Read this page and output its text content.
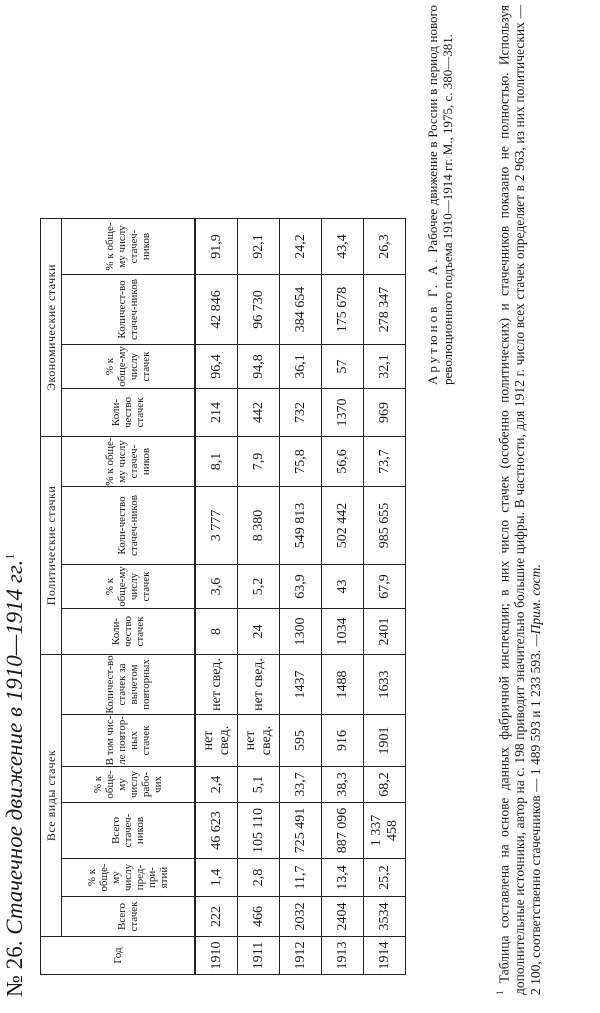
№ 26. Стачечное движение в 1910—1914 гг.$^1$
Год	Все виды стачек						Политические стачки				Экономические стачки			
	Всего стачек	% к обще-му числу пред-при-ятий	Всего стачеч-ников	% к обще-му числу рабо-чих	В том чис-ле повтор-ных стачек	Количест-во стачек за вычетом повторных	Коли-чество стачек	% к обще-му числу стачек	Коли-чество стачеч-ников	% к обще-му числу стачеч-ников	Коли-чество стачек	% к обще-му числу стачек	Количест-во стачеч-ников	% к обще-му числу стачеч-ников
1910	222	1,4	46 623	2,4	нет свед.	нет свед.	8	3,6	3 777	8,1	214	96,4	42 846	91,9
1911	466	2,8	105 110	5,1	нет свед.	нет свед.	24	5,2	8 380	7,9	442	94,8	96 730	92,1
1912	2032	11,7	725 491	33,7	595	1437	1300	63,9	549 813	75,8	732	36,1	384 654	24,2
1913	2404	13,4	887 096	38,3	916	1488	1034	43	502 442	56,6	1370	57	175 678	43,4
1914	3534	25,2	1 337 458	68,2	1901	1633	2401	67,9	985 655	73,7	969	32,1	278 347	26,3
Арутюнов Г. А. Рабочее движение в России в период нового революционного подъема 1910—1914 гг. М., 1975, с. 380—381.
$^1$ Таблица составлена на основе данных фабричной инспекции; в них число стачек (особенно политических) и стачечников показано не полностью. Используя дополнительные источники, автор на с. 198 приводит значительно большие цифры. В частности, для 1912 г. число всех стачек определяет в 2 963, из них политических — 2 100, соответственно стачечников — 1 489 593 и 1 233 593. —Прим. сост.
